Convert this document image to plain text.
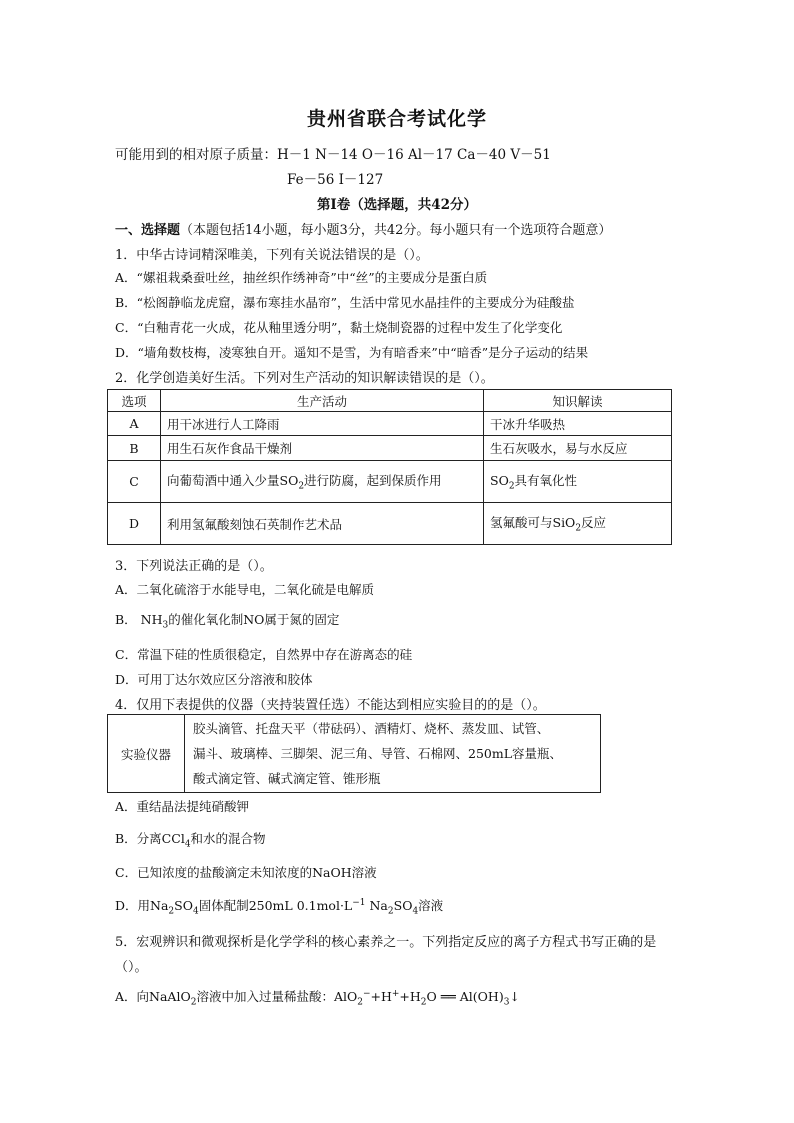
贵州省联合考试化学
可能用到的相对原子质量：H－1 N－14 O－16 Al－17 Ca－40 V－51
Fe－56 I－127
第Ⅰ卷（选择题，共42分）
一、选择题（本题包括14小题，每小题3分，共42分。每小题只有一个选项符合题意）
1．中华古诗词精深唯美，下列有关说法错误的是（）。
A．“嫘祖栽桑蚕吐丝，抽丝织作绣神奇”中“丝”的主要成分是蛋白质
B．“松阁静临龙虎窟，瀑布寒挂水晶帘”，生活中常见水晶挂件的主要成分为硅酸盐
C．“白釉青花一火成，花从釉里透分明”，黏土烧制瓷器的过程中发生了化学变化
D．“墙角数枝梅，凌寒独自开。遥知不是雪，为有暗香来”中“暗香”是分子运动的结果
2．化学创造美好生活。下列对生产活动的知识解读错误的是（）。
选项	生产活动	知识解读
A	用干冰进行人工降雨	干冰升华吸热
B	用生石灰作食品干燥剂	生石灰吸水，易与水反应
C	向葡萄酒中通入少量$SO_2$进行防腐，起到保质作用	$SO_2$具有氧化性
D	利用氢氟酸刻蚀石英制作艺术品	氢氟酸可与SiO$_2$反应
3．下列说法正确的是（）。
A．二氧化硫溶于水能导电，二氧化硫是电解质
B． $NH_3$的催化氧化制NO属于氮的固定
C．常温下硅的性质很稳定，自然界中存在游离态的硅
D．可用丁达尔效应区分溶液和胶体
4．仅用下表提供的仪器（夹持装置任选）不能达到相应实验目的的是（）。
实验仪器	
胶头滴管、托盘天平（带砝码）、酒精灯、烧杯、蒸发皿、试管、
漏斗、玻璃棒、三脚架、泥三角、导管、石棉网、250mL容量瓶、
酸式滴定管、碱式滴定管、锥形瓶
A．重结晶法提纯硝酸钾
B．分离CCl$_4$和水的混合物
C．已知浓度的盐酸滴定未知浓度的NaOH溶液
D．用$Na_2SO_4$固体配制250mL $0.1mol\cdot L^{-1}$ $Na_2SO_4$溶液
5．宏观辨识和微观探析是化学学科的核心素养之一。下列指定反应的离子方程式书写正确的是
（）。
A．向NaAlO$_2$溶液中加入过量稀盐酸：$AlO_2^-+H^++H_2O$ ══ $Al(OH)_3↓$
